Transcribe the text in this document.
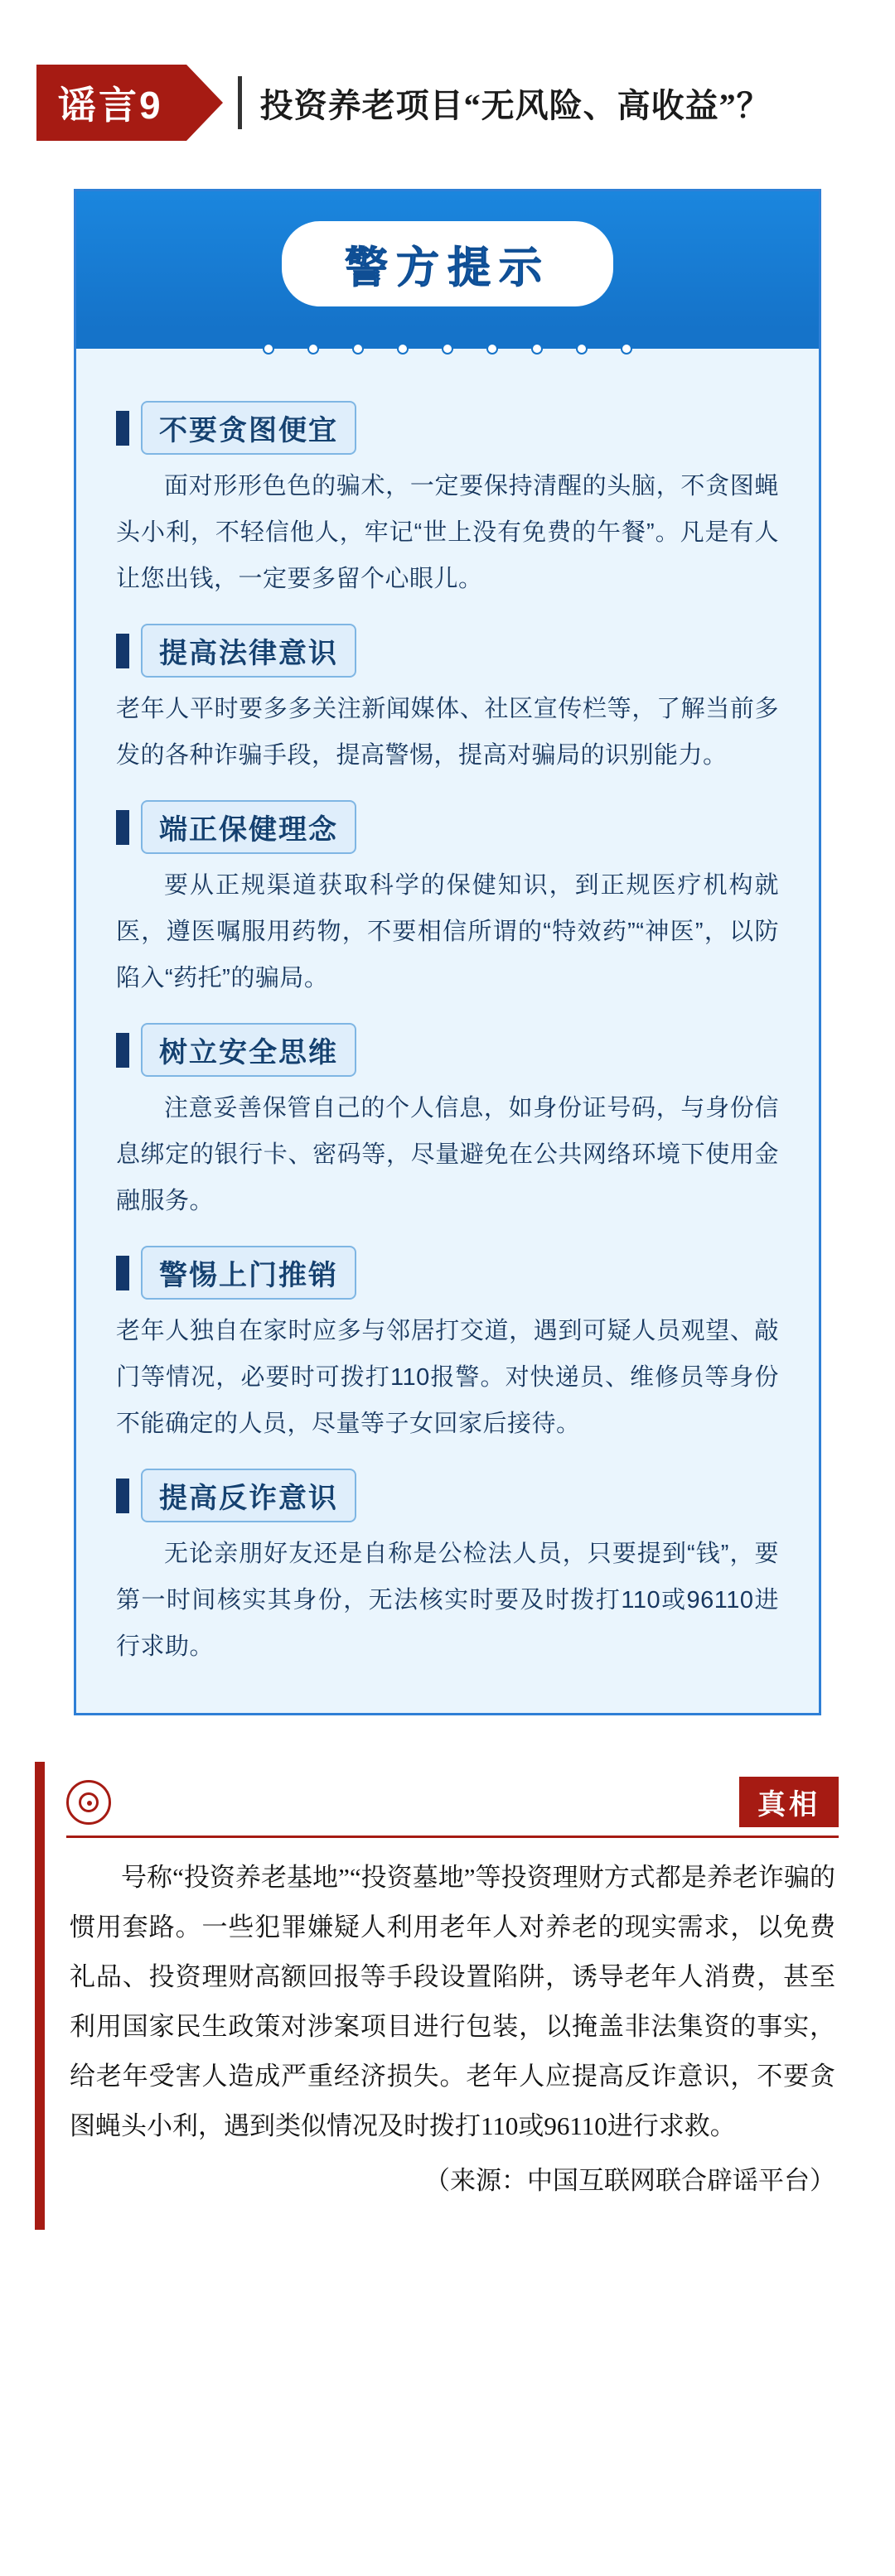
谣言9	投资养老项目“无风险、高收益”？
警方提示
不要贪图便宜
面对形形色色的骗术，一定要保持清醒的头脑，不贪图蝇头小利，不轻信他人，牢记“世上没有免费的午餐”。凡是有人让您出钱，一定要多留个心眼儿。
提高法律意识
老年人平时要多多关注新闻媒体、社区宣传栏等，了解当前多发的各种诈骗手段，提高警惕，提高对骗局的识别能力。
端正保健理念
要从正规渠道获取科学的保健知识，到正规医疗机构就医，遵医嘱服用药物，不要相信所谓的“特效药”“神医”，以防陷入“药托”的骗局。
树立安全思维
注意妥善保管自己的个人信息，如身份证号码，与身份信息绑定的银行卡、密码等，尽量避免在公共网络环境下使用金融服务。
警惕上门推销
老年人独自在家时应多与邻居打交道，遇到可疑人员观望、敲门等情况，必要时可拨打110报警。对快递员、维修员等身份不能确定的人员，尽量等子女回家后接待。
提高反诈意识
无论亲朋好友还是自称是公检法人员，只要提到“钱”，要第一时间核实其身份，无法核实时要及时拨打110或96110进行求助。
真相
号称“投资养老基地”“投资墓地”等投资理财方式都是养老诈骗的惯用套路。一些犯罪嫌疑人利用老年人对养老的现实需求，以免费礼品、投资理财高额回报等手段设置陷阱，诱导老年人消费，甚至利用国家民生政策对涉案项目进行包装，以掩盖非法集资的事实，给老年受害人造成严重经济损失。老年人应提高反诈意识，不要贪图蝇头小利，遇到类似情况及时拨打110或96110进行求救。
（来源：中国互联网联合辟谣平台）
